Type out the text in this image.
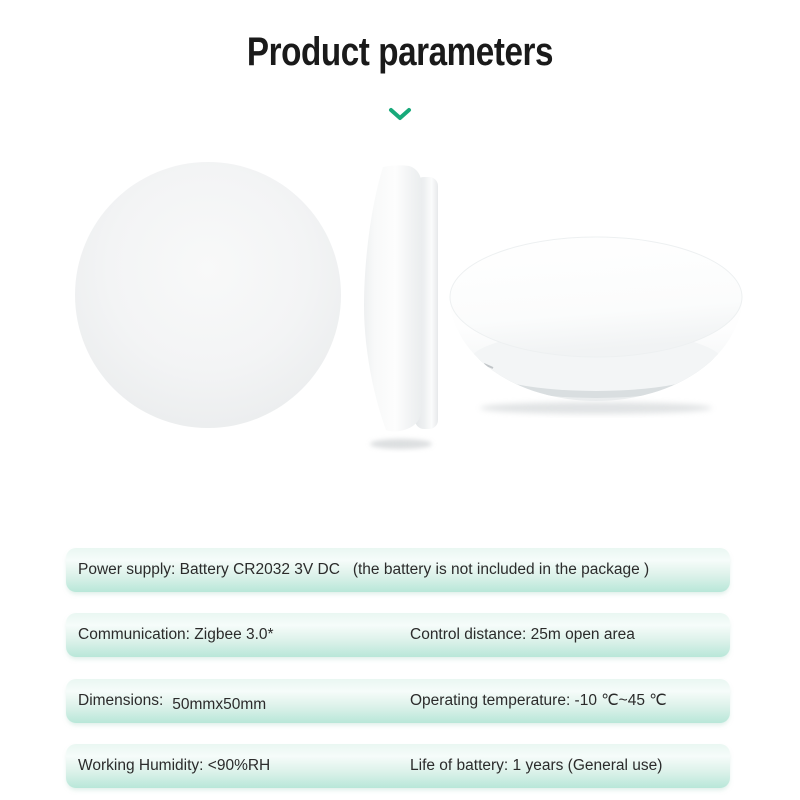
Product parameters
Power supply: Battery CR2032 3V DC   (the battery is not included in the package )
Communication: Zigbee 3.0*	Control distance: 25m open area
Dimensions: 50mmx50mm	Operating temperature: -10 ℃~45 ℃
Working Humidity: <90%RH	Life of battery: 1 years (General use)
